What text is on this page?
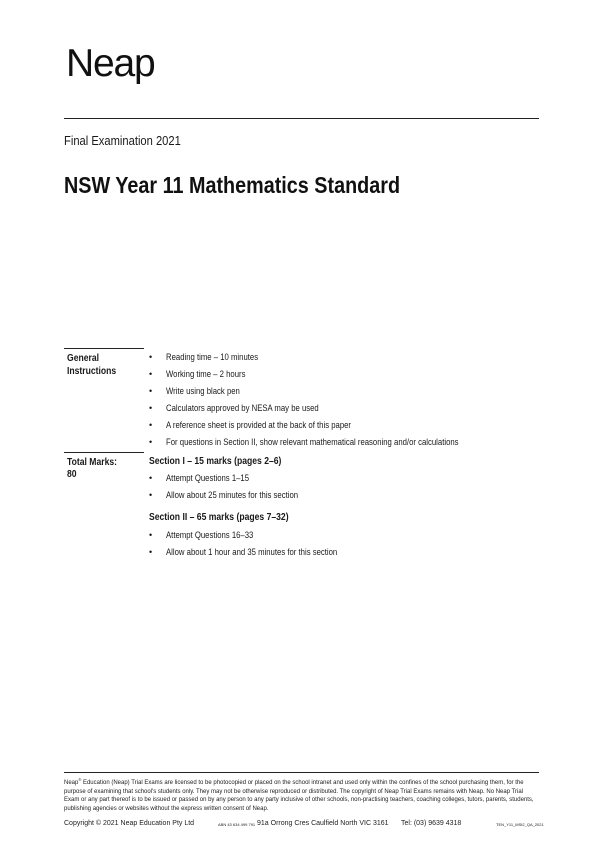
Neap
Final Examination 2021
NSW Year 11 Mathematics Standard
General
Instructions
• Reading time – 10 minutes
• Working time – 2 hours
• Write using black pen
• Calculators approved by NESA may be used
• A reference sheet is provided at the back of this paper
• For questions in Section II, show relevant mathematical reasoning and/or calculations
Total Marks:
80
Section I – 15 marks (pages 2–6)
• Attempt Questions 1–15
• Allow about 25 minutes for this section
Section II – 65 marks (pages 7–32)
• Attempt Questions 16–33
• Allow about 1 hour and 35 minutes for this section
Neap® Education (Neap) Trial Exams are licensed to be photocopied or placed on the school intranet and used only within the confines of the school purchasing them, for the purpose of examining that school's students only. They may not be otherwise reproduced or distributed. The copyright of Neap Trial Exams remains with Neap. No Neap Trial Exam or any part thereof is to be issued or passed on by any person to any party inclusive of other schools, non-practising teachers, coaching colleges, tutors, parents, students, publishing agencies or websites without the express written consent of Neap.
Copyright © 2021 Neap Education Pty Ltd	ABN 43 634 499 791 91a Orrong Cres Caulfield North VIC 3161 Tel: (03) 9639 4318	TEN_Y11_MSt2_QA_2021
